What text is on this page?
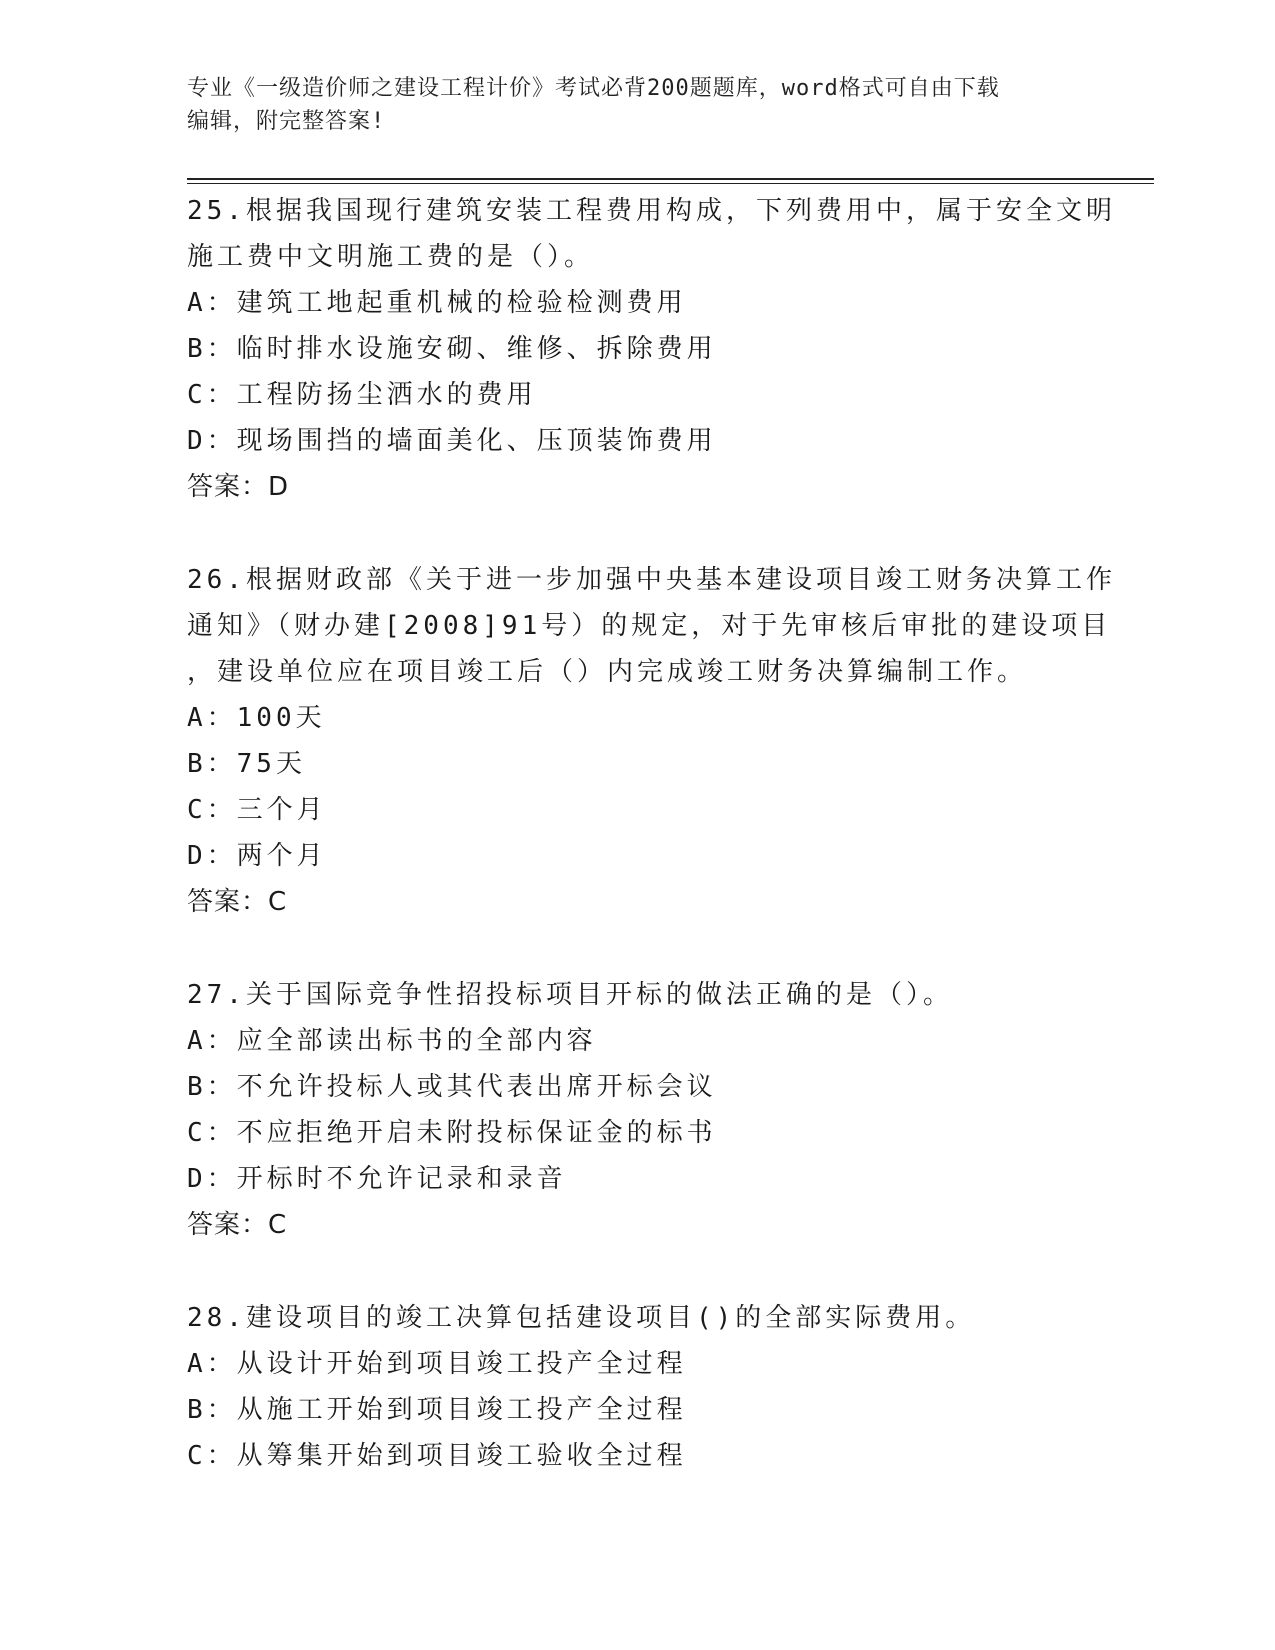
专业《一级造价师之建设工程计价》考试必背200题题库，word格式可自由下载
编辑，附完整答案!
25.根据我国现行建筑安装工程费用构成，下列费用中，属于安全文明
施工费中文明施工费的是（）。
A：建筑工地起重机械的检验检测费用
B：临时排水设施安砌、维修、拆除费用
C：工程防扬尘洒水的费用
D：现场围挡的墙面美化、压顶装饰费用
答案：D
26.根据财政部《关于进一步加强中央基本建设项目竣工财务决算工作
通知》（财办建[2008]91号）的规定，对于先审核后审批的建设项目
，建设单位应在项目竣工后（）内完成竣工财务决算编制工作。
A：100天
B：75天
C：三个月
D：两个月
答案：C
27.关于国际竞争性招投标项目开标的做法正确的是（）。
A：应全部读出标书的全部内容
B：不允许投标人或其代表出席开标会议
C：不应拒绝开启未附投标保证金的标书
D：开标时不允许记录和录音
答案：C
28.建设项目的竣工决算包括建设项目()的全部实际费用。
A：从设计开始到项目竣工投产全过程
B：从施工开始到项目竣工投产全过程
C：从筹集开始到项目竣工验收全过程
